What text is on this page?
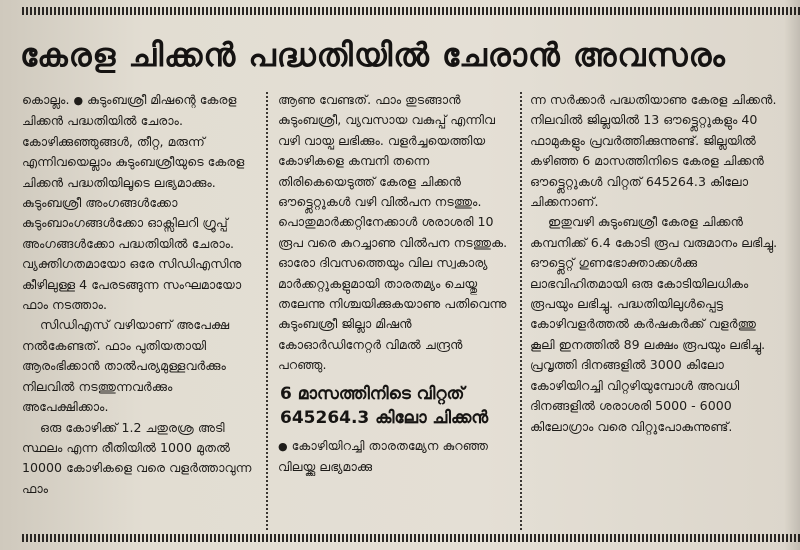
കേരള ചിക്കൻ പദ്ധതിയിൽ ചേരാൻ അവസരം

കൊല്ലം. ● കുടുംബശ്രീ മിഷന്റെ കേരള ചിക്കൻ പദ്ധതിയിൽ ചേരാം. കോഴിക്കുഞ്ഞുങ്ങൾ, തീറ്റ, മരുന്ന് എന്നിവയെല്ലാം കുടുംബശ്രീയുടെ കേരള ചിക്കൻ പദ്ധതിയിലൂടെ ലഭ്യമാക്കും. കുടുംബശ്രീ അംഗങ്ങൾക്കോ കുടുംബാംഗങ്ങൾക്കോ ഓക്സിലറി ഗ്രൂപ്പ് അംഗങ്ങൾക്കോ പദ്ധതിയിൽ ചേരാം. വ്യക്തിഗതമായോ ഒരേ സിഡിഎസിനു കീഴിലുള്ള 4 പേരടങ്ങുന്ന സംഘമായോ ഫാം നടത്താം.

സിഡിഎസ് വഴിയാണ് അപേക്ഷ നൽകേണ്ടത്. ഫാം പുതിയതായി ആരംഭിക്കാൻ താൽപര്യമുള്ളവർക്കും നിലവിൽ നടത്തുന്നവർക്കും അപേക്ഷിക്കാം.

ഒരു കോഴിക്ക് 1.2 ചതുരശ്ര അടി സ്ഥലം എന്ന രീതിയിൽ 1000 മുതൽ 10000 കോഴികളെ വരെ വളർത്താവുന്ന ഫാം

ആണു വേണ്ടത്. ഫാം തുടങ്ങാൻ കുടുംബശ്രീ, വ്യവസായ വകുപ്പ് എന്നിവ വഴി വായ്പ ലഭിക്കും. വളർച്ചയെത്തിയ കോഴികളെ കമ്പനി തന്നെ തിരികെയെടുത്ത് കേരള ചിക്കൻ ഔട്ട്ലെറ്റുകൾ വഴി വിൽപന നടത്തും.

പൊതുമാർക്കറ്റിനേക്കാൾ ശരാശരി 10 രൂപ വരെ കുറച്ചാണു വിൽപന നടത്തുക. ഓരോ ദിവസത്തെയും വില സ്വകാര്യ മാർക്കറ്റുകളുമായി താരതമ്യം ചെയ്തു തലേന്നു നിശ്ചയിക്കുകയാണു പതിവെന്നു കുടുംബശ്രീ ജില്ലാ മിഷൻ കോഓർഡിനേറ്റർ വിമൽ ചന്ദ്രൻ പറഞ്ഞു.

6 മാസത്തിനിടെ വിറ്റത് 645264.3 കിലോ ചിക്കൻ

● കോഴിയിറച്ചി താരതമ്യേന കുറഞ്ഞ വിലയ്ക്കു ലഭ്യമാക്കു

ന്ന സർക്കാർ പദ്ധതിയാണു കേരള ചിക്കൻ. നിലവിൽ ജില്ലയിൽ 13 ഔട്ട്ലെറ്റുകളും 40 ഫാമുകളും പ്രവർത്തിക്കുന്നുണ്ട്. ജില്ലയിൽ കഴിഞ്ഞ 6 മാസത്തിനിടെ കേരള ചിക്കൻ ഔട്ട്ലെറ്റുകൾ വിറ്റത് 645264.3 കിലോ ചിക്കനാണ്.

ഇതുവഴി കുടുംബശ്രീ കേരള ചിക്കൻ കമ്പനിക്ക് 6.4 കോടി രൂപ വരുമാനം ലഭിച്ചു. ഔട്ട്ലെറ്റ് ഗുണഭോക്താക്കൾക്കു ലാഭവിഹിതമായി ഒരു കോടിയിലധികം രൂപയും ലഭിച്ചു. പദ്ധതിയിലുൾപ്പെട്ട കോഴിവളർത്തൽ കർഷകർക്ക് വളർത്തു കൂലി ഇനത്തിൽ 89 ലക്ഷം രൂപയും ലഭിച്ചു. പ്രവൃത്തി ദിനങ്ങളിൽ 3000 കിലോ കോഴിയിറച്ചി വിറ്റഴിയുമ്പോൾ അവധി ദിനങ്ങളിൽ ശരാശരി 5000 - 6000 കിലോഗ്രാം വരെ വിറ്റുപോകുന്നുണ്ട്.
